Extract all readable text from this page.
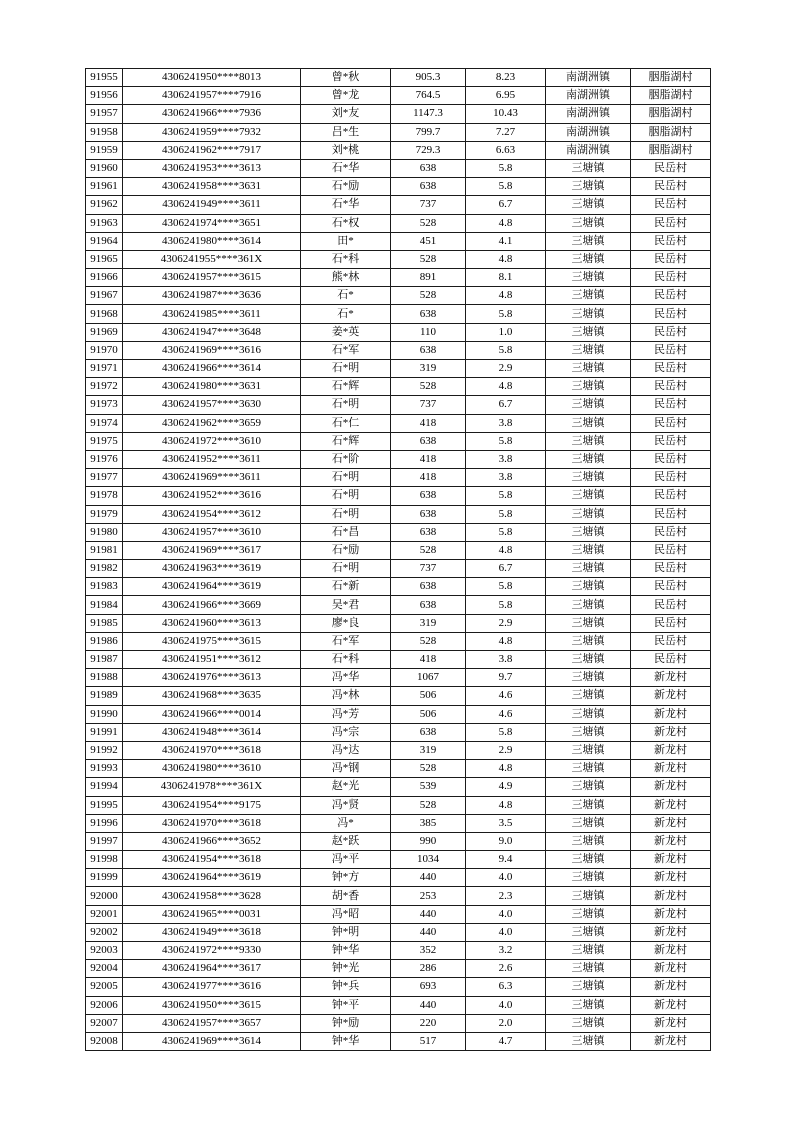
91955	4306241950****8013	曾*秋	905.3	8.23	南湖洲镇	胭脂湖村
91956	4306241957****7916	曾*龙	764.5	6.95	南湖洲镇	胭脂湖村
91957	4306241966****7936	刘*友	1147.3	10.43	南湖洲镇	胭脂湖村
91958	4306241959****7932	吕*生	799.7	7.27	南湖洲镇	胭脂湖村
91959	4306241962****7917	刘*桃	729.3	6.63	南湖洲镇	胭脂湖村
91960	4306241953****3613	石*华	638	5.8	三塘镇	民岳村
91961	4306241958****3631	石*励	638	5.8	三塘镇	民岳村
91962	4306241949****3611	石*华	737	6.7	三塘镇	民岳村
91963	4306241974****3651	石*权	528	4.8	三塘镇	民岳村
91964	4306241980****3614	田*	451	4.1	三塘镇	民岳村
91965	4306241955****361X	石*科	528	4.8	三塘镇	民岳村
91966	4306241957****3615	熊*林	891	8.1	三塘镇	民岳村
91967	4306241987****3636	石*	528	4.8	三塘镇	民岳村
91968	4306241985****3611	石*	638	5.8	三塘镇	民岳村
91969	4306241947****3648	姜*英	110	1.0	三塘镇	民岳村
91970	4306241969****3616	石*军	638	5.8	三塘镇	民岳村
91971	4306241966****3614	石*明	319	2.9	三塘镇	民岳村
91972	4306241980****3631	石*辉	528	4.8	三塘镇	民岳村
91973	4306241957****3630	石*明	737	6.7	三塘镇	民岳村
91974	4306241962****3659	石*仁	418	3.8	三塘镇	民岳村
91975	4306241972****3610	石*辉	638	5.8	三塘镇	民岳村
91976	4306241952****3611	石*阶	418	3.8	三塘镇	民岳村
91977	4306241969****3611	石*明	418	3.8	三塘镇	民岳村
91978	4306241952****3616	石*明	638	5.8	三塘镇	民岳村
91979	4306241954****3612	石*明	638	5.8	三塘镇	民岳村
91980	4306241957****3610	石*昌	638	5.8	三塘镇	民岳村
91981	4306241969****3617	石*励	528	4.8	三塘镇	民岳村
91982	4306241963****3619	石*明	737	6.7	三塘镇	民岳村
91983	4306241964****3619	石*新	638	5.8	三塘镇	民岳村
91984	4306241966****3669	吴*君	638	5.8	三塘镇	民岳村
91985	4306241960****3613	廖*良	319	2.9	三塘镇	民岳村
91986	4306241975****3615	石*军	528	4.8	三塘镇	民岳村
91987	4306241951****3612	石*科	418	3.8	三塘镇	民岳村
91988	4306241976****3613	冯*华	1067	9.7	三塘镇	新龙村
91989	4306241968****3635	冯*林	506	4.6	三塘镇	新龙村
91990	4306241966****0014	冯*芳	506	4.6	三塘镇	新龙村
91991	4306241948****3614	冯*宗	638	5.8	三塘镇	新龙村
91992	4306241970****3618	冯*达	319	2.9	三塘镇	新龙村
91993	4306241980****3610	冯*钢	528	4.8	三塘镇	新龙村
91994	4306241978****361X	赵*光	539	4.9	三塘镇	新龙村
91995	4306241954****9175	冯*贤	528	4.8	三塘镇	新龙村
91996	4306241970****3618	冯*	385	3.5	三塘镇	新龙村
91997	4306241966****3652	赵*跃	990	9.0	三塘镇	新龙村
91998	4306241954****3618	冯*平	1034	9.4	三塘镇	新龙村
91999	4306241964****3619	钟*方	440	4.0	三塘镇	新龙村
92000	4306241958****3628	胡*香	253	2.3	三塘镇	新龙村
92001	4306241965****0031	冯*昭	440	4.0	三塘镇	新龙村
92002	4306241949****3618	钟*明	440	4.0	三塘镇	新龙村
92003	4306241972****9330	钟*华	352	3.2	三塘镇	新龙村
92004	4306241964****3617	钟*光	286	2.6	三塘镇	新龙村
92005	4306241977****3616	钟*兵	693	6.3	三塘镇	新龙村
92006	4306241950****3615	钟*平	440	4.0	三塘镇	新龙村
92007	4306241957****3657	钟*励	220	2.0	三塘镇	新龙村
92008	4306241969****3614	钟*华	517	4.7	三塘镇	新龙村
